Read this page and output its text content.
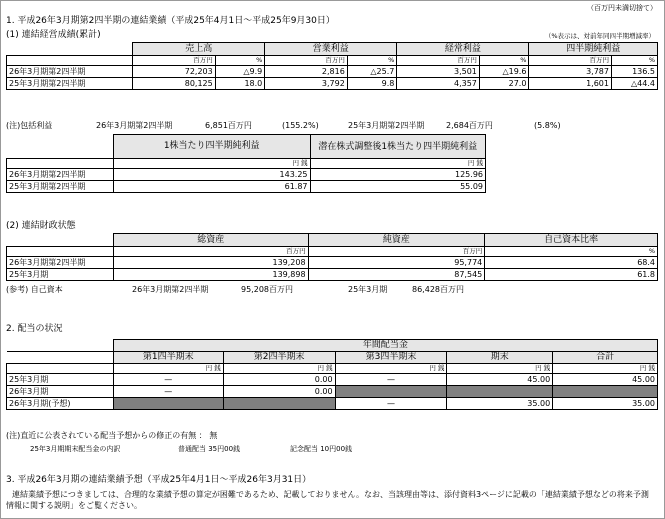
（百万円未満切捨て）
1. 平成26年3月期第2四半期の連結業績（平成25年4月1日～平成25年9月30日）
(1) 連結経営成績(累計)	（%表示は、対前年同四半期増減率）
	売上高		営業利益		経常利益		四半期純利益	
	百万円	%	百万円	%	百万円	%	百万円	%
26年3月期第2四半期	72,203	△9.9	2,816	△25.7	3,501	△19.6	3,787	136.5
25年3月期第2四半期	80,125	18.0	3,792	9.8	4,357	27.0	1,601	△44.4
(注)包括利益	26年3月期第2四半期	6,851百万円	(155.2%)	25年3月期第2四半期	2,684百万円	(5.8%)
	1株当たり四半期純利益	潜在株式調整後1株当たり四半期純利益
	円 銭	円 銭
26年3月期第2四半期	143.25	125.96
25年3月期第2四半期	61.87	55.09
(2) 連結財政状態
	総資産	純資産	自己資本比率
	百万円	百万円	%
26年3月期第2四半期	139,208	95,774	68.4
25年3月期	139,898	87,545	61.8
(参考) 自己資本	26年3月期第2四半期	95,208百万円	25年3月期	86,428百万円
2. 配当の状況
	年間配当金				
	第1四半期末	第2四半期末	第3四半期末	期末	合計
	円 銭	円 銭	円 銭	円 銭	円 銭
25年3月期	—	0.00	—	45.00	45.00
26年3月期	—	0.00			
26年3月期(予想)			—	35.00	35.00
(注)直近に公表されている配当予想からの修正の有無 ： 無
25年3月期期末配当金の内訳	普通配当 35円00銭	記念配当 10円00銭
3. 平成26年3月期の連結業績予想（平成25年4月1日～平成26年3月31日）
連結業績予想につきましては、合理的な業績予想の算定が困難であるため、記載しておりません。なお、当該理由等は、添付資料3ページに記載の「連結業績予想などの将来予測情報に関する説明」をご覧ください。
